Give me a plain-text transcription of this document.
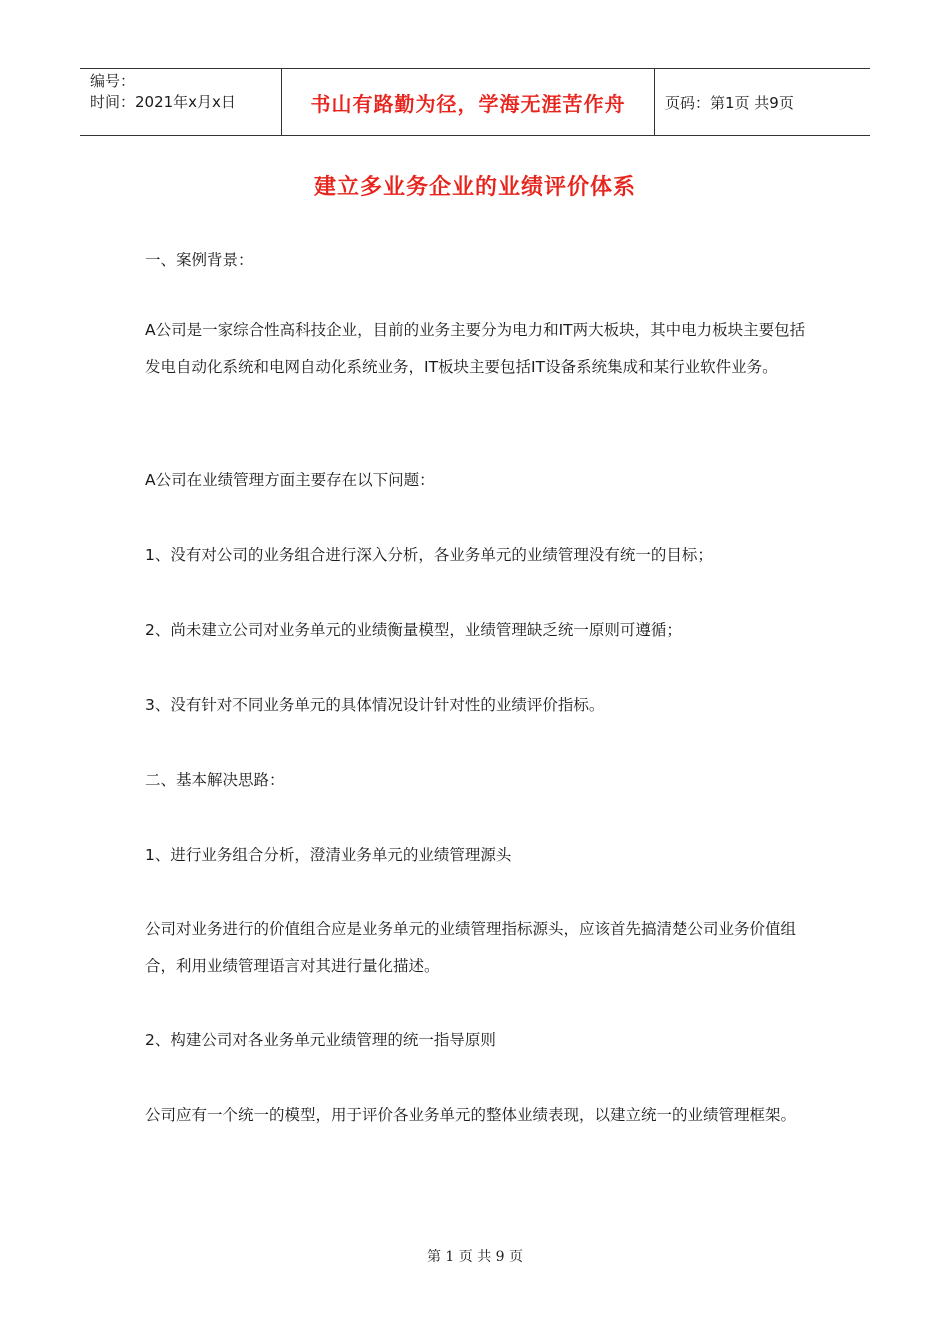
编号：
时间：2021年x月x日	书山有路勤为径，学海无涯苦作舟	页码：第1页 共9页
建立多业务企业的业绩评价体系

一、案例背景：

A公司是一家综合性高科技企业，目前的业务主要分为电力和IT两大板块，其中电力板块主要包括发电自动化系统和电网自动化系统业务，IT板块主要包括IT设备系统集成和某行业软件业务。

A公司在业绩管理方面主要存在以下问题：

1、没有对公司的业务组合进行深入分析，各业务单元的业绩管理没有统一的目标；

2、尚未建立公司对业务单元的业绩衡量模型，业绩管理缺乏统一原则可遵循；

3、没有针对不同业务单元的具体情况设计针对性的业绩评价指标。

二、基本解决思路：

1、进行业务组合分析，澄清业务单元的业绩管理源头

公司对业务进行的价值组合应是业务单元的业绩管理指标源头，应该首先搞清楚公司业务价值组合，利用业绩管理语言对其进行量化描述。

2、构建公司对各业务单元业绩管理的统一指导原则

公司应有一个统一的模型，用于评价各业务单元的整体业绩表现，以建立统一的业绩管理框架。

第 1 页 共 9 页
